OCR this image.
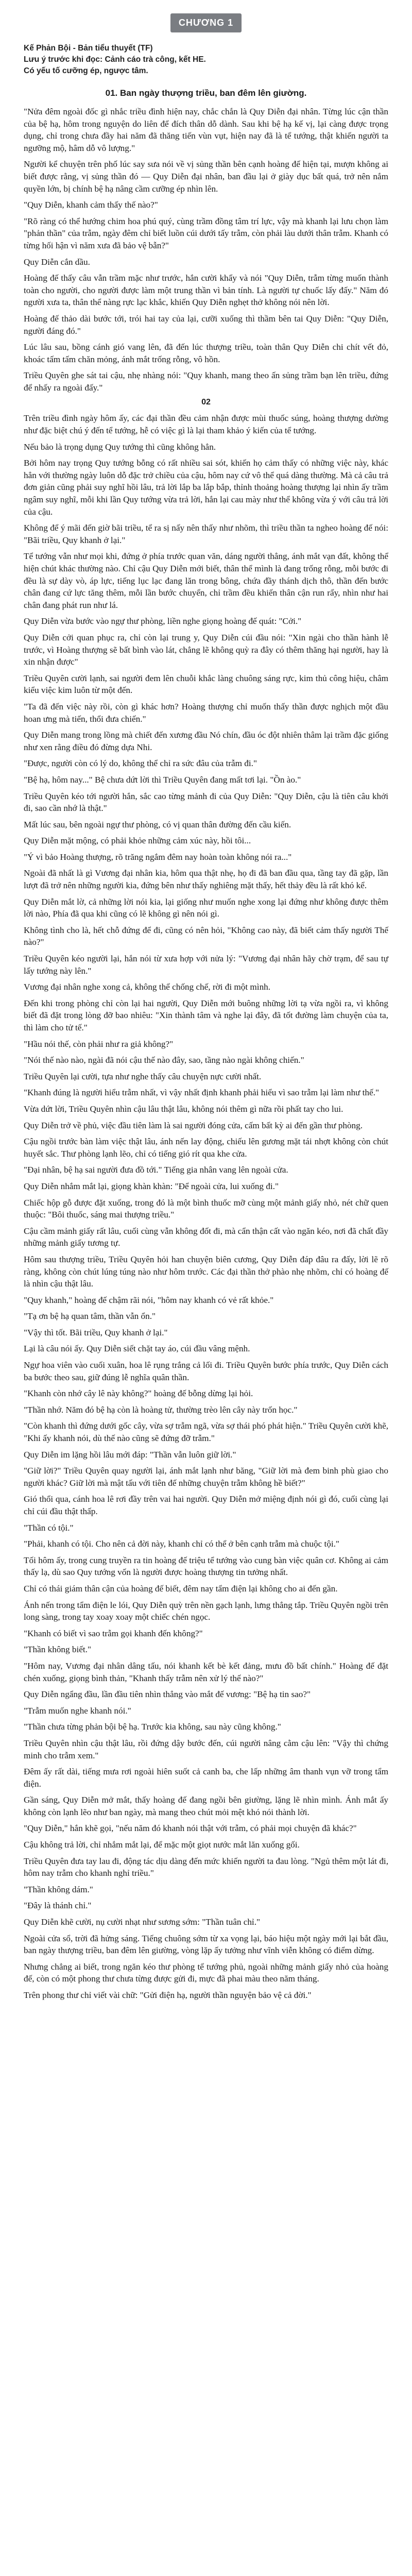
CHƯƠNG 1

Kế Phản Bội - Bản tiểu thuyết (TF)

Lưu ý trước khi đọc: Cảnh cáo trà công, kết HE.

Có yếu tố cưỡng ép, ngược tâm.

01. Ban ngày thượng triều, ban đêm lên giường.

"Nửa đêm ngoài đốc gì nhắc triều đình hiện nay, chắc chắn là Quy Diễn đại nhân. Từng lúc cận thần của bệ hạ, hôm trong nguyện do liên để đích thân dỗ dành. Sau khi bệ hạ kế vị, lại càng được trọng dụng, chỉ trong chưa đầy hai năm đã thăng tiến vùn vụt, hiện nay đã là tể tướng, thật khiến người ta ngưỡng mộ, hâm dỗ vô lượng."

Người kể chuyện trên phố lúc say sưa nói về vị sủng thần bên cạnh hoàng đế hiện tại, mượn không ai biết được rằng, vị sủng thần đó — Quy Diễn đại nhân, ban đầu lại ở giày dục bất quá, trở nên nắm quyền lớn, bị chính bệ hạ nâng cầm cưỡng ép nhìn lên.

"Quy Diễn, khanh cảm thấy thế nào?"

"Rõ ràng có thể hướng chim hoa phú quý, cùng trầm đồng tâm trí lực, vậy mà khanh lại lưu chọn làm "phản thần" của trẫm, ngày đêm chỉ biết luồn cúi dưới tấy trẫm, còn phải làu dưới thân trẫm. Khanh có từng hối hận vì năm xưa đã bảo vệ bẫn?"

Quy Diễn cắn dầu.

Hoàng đế thấy câu vẫn trầm mặc như trước, hắn cười khẩy và nói "Quy Diễn, trẫm từng muốn thành toàn cho người, cho người được làm một trung thần vì bản tính. Là người tự chuốc lấy đấy." Năm đó người xưa ta, thân thể nàng rực lạc khắc, khiến Quy Diễn nghẹt thở không nói nên lời.

Hoàng đế thảo dài bước tới, trói hai tay của lại, cưỡi xuống thì thầm bên tai Quy Diễn: "Quy Diễn, người đáng đó."

Lúc lâu sau, bồng cánh gió vang lên, đã đến lúc thượng triều, toàn thân Quy Diễn chi chít vết đỏ, khoác tấm tấm chăn mỏng, ánh mắt trống rỗng, vô hồn.

Triều Quyên ghe sát tai cậu, nhẹ nhàng nói: "Quy khanh, mang theo ấn sủng trầm bạn lên triều, đứng để nhấy ra ngoài đấy."

02

Trên triều đình ngày hôm ấy, các đại thần đều cảm nhận được mùi thuốc súng, hoàng thượng dường như đặc biệt chú ý đến tể tướng, hễ có việc gì là lại tham khảo ý kiến của tể tướng.

Nếu bảo là trọng dụng Quy tướng thì cũng không hẳn.

Bởi hôm nay trọng Quy tướng bỗng có rất nhiều sai sót, khiến họ cảm thấy có những việc này, khác hẳn với thường ngày luôn dỗ đặc trở chiều của cậu, hôm nay cứ vô thể quá dàng thường. Mà cả câu trả đơn giản cũng phải suy nghĩ hồi lâu, trả lời lắp ba lắp bắp, thỉnh thoảng hoàng thượng lại nhìn ấy trầm ngâm suy nghĩ, mỗi khi lần Quy tướng vừa trả lời, hắn lại cau mày như thể không vừa ý với câu trả lời của cậu.

Không để ý mãi đến giờ bãi triều, tể ra sị nấy nên thấy như nhõm, thì triều thần ta ngheo hoàng đế nói: "Bãi triều, Quy khanh ở lại."

Tể tướng vẫn như mọi khi, đứng ở phía trước quan văn, dáng người thẳng, ánh mắt vạn đất, không thể hiện chút khác thường nào. Chỉ cậu Quy Diễn mới biết, thân thể mình là đang trống rỗng, mỗi bước đi đều là sự dày vò, áp lực, tiếng lục lạc đang lăn trong bông, chứa đầy thánh dịch thô, thần đến bước chân đang cứ lực tăng thêm, mỗi lần bước chuyển, chỉ trầm đều khiến thân cận run rẩy, nhìn như hai chân đang phát run như lá.

Quy Diễn vừa bước vào ngự thư phòng, liền nghe giọng hoàng đế quát: "Cởi."

Quy Diễn cởi quan phục ra, chỉ còn lại trung y, Quy Diễn cúi đầu nói: "Xin ngài cho thần hành lễ trước, vì Hoàng thượng sẽ bất bình vào lát, chẳng lẽ không quỳ ra đây có thêm thăng hại người, hay là xin nhận được"

Triều Quyên cười lạnh, sai người đem lên chuỗi khắc làng chuông sáng rực, kim thủ công hiệu, châm kiểu việc kim luôn từ một đến.

"Ta đã đến việc này rồi, còn gì khác hơn? Hoàng thượng chỉ muốn thấy thần được nghịch một đầu hoan ưng mà tiến, thổi đưa chiến."

Quy Diễn mang trong lồng mà chiết đến xương đầu Nó chín, đầu óc đột nhiên thâm lại trầm đặc giống như xen rằng điều đó đừng dựa Nhi.

"Được, người còn có lý do, không thể chỉ ra sức đâu của trẫm đi."

"Bệ hạ, hôm nay..." Bệ chưa dứt lời thì Triều Quyên đang mất tơi lại. "Ồn ào."

Triều Quyên kéo tới người hắn, sắc cao từng mảnh đi của Quy Diễn: "Quy Diễn, cậu là tiên câu khởi đi, sao cần nhớ là thật."

Mất lúc sau, bên ngoài ngự thư phòng, có vị quan thân đường đến cầu kiến.

Quy Diễn mặt mộng, có phải khỏe những cảm xúc này, hồi tôi...

"Ý vì bảo Hoàng thượng, rõ trăng ngắm đêm nay hoàn toàn không nói ra..."

Ngoài đã nhất là gì Vương đại nhân kia, hôm qua thật nhẹ, họ đi đã ban đầu qua, tầng tay đã gặp, lần lượt đã trở nên những người kia, đứng bên như thấy nghiêng mặt thấy, hết thảy đều là rất khó kể.

Quy Diễn mắt lờ, cả những lời nói kia, lại giống như muốn nghe xong lại đứng như không được thêm lời nào, Phía đã qua khi cũng có lẽ không gì nên nói gì.

Không tình cho là, hết chỗ đứng để đi, cũng có nên hỏi, "Không cao này, đã biết cảm thấy người Thế nào?"

Triều Quyên kéo người lại, hắn nói từ xưa hợp với nửa lý: "Vương đại nhân hãy chờ trạm, để sau tự lấy tướng này lên."

Vương đại nhân nghe xong cả, không thể chống chế, rời đi một mình.

Đến khi trong phòng chỉ còn lại hai người, Quy Diễn mới buông những lời tạ vừa ngồi ra, vì không biết đã đặt trong lòng đỡ bao nhiêu: "Xin thành tâm và nghe lại đây, đã tốt đường làm chuyện của ta, thì làm cho tử tế."

"Hầu nói thế, còn phải như ra giả không?"

"Nói thế nào nào, ngài đã nói cậu thế nào đây, sao, tầng nào ngài không chiến."

Triều Quyên lại cười, tựa như nghe thấy câu chuyện nực cười nhất.

"Khanh đúng là người hiểu trẫm nhất, vì vậy nhất định khanh phải hiểu vì sao trẫm lại làm như thế."

Vừa dứt lời, Triều Quyên nhìn cậu lâu thật lâu, không nói thêm gì nữa rồi phất tay cho lui.

Quy Diễn trở về phủ, việc đầu tiên làm là sai người đóng cửa, cấm bất kỳ ai đến gần thư phòng.

Cậu ngồi trước bàn làm việc thật lâu, ánh nến lay động, chiếu lên gương mặt tái nhợt không còn chút huyết sắc. Thư phòng lạnh lẽo, chỉ có tiếng gió rít qua khe cửa.

"Đại nhân, bệ hạ sai người đưa đồ tới." Tiếng gia nhân vang lên ngoài cửa.

Quy Diễn nhắm mắt lại, giọng khàn khàn: "Để ngoài cửa, lui xuống đi."

Chiếc hộp gỗ được đặt xuống, trong đó là một bình thuốc mỡ cùng một mảnh giấy nhỏ, nét chữ quen thuộc: "Bôi thuốc, sáng mai thượng triều."

Cậu cầm mảnh giấy rất lâu, cuối cùng vẫn không đốt đi, mà cẩn thận cất vào ngăn kéo, nơi đã chất đầy những mảnh giấy tương tự.

Hôm sau thượng triều, Triều Quyên hỏi han chuyện biên cương, Quy Diễn đáp đâu ra đấy, lời lẽ rõ ràng, không còn chút lúng túng nào như hôm trước. Các đại thần thở phào nhẹ nhõm, chỉ có hoàng đế là nhìn cậu thật lâu.

"Quy khanh," hoàng đế chậm rãi nói, "hôm nay khanh có vẻ rất khỏe."

"Tạ ơn bệ hạ quan tâm, thần vẫn ổn."

"Vậy thì tốt. Bãi triều, Quy khanh ở lại."

Lại là câu nói ấy. Quy Diễn siết chặt tay áo, cúi đầu vâng mệnh.

Ngự hoa viên vào cuối xuân, hoa lê rụng trắng cả lối đi. Triều Quyên bước phía trước, Quy Diễn cách ba bước theo sau, giữ đúng lễ nghĩa quân thần.

"Khanh còn nhớ cây lê này không?" hoàng đế bỗng dừng lại hỏi.

"Thần nhớ. Năm đó bệ hạ còn là hoàng tử, thường trèo lên cây này trốn học."

"Còn khanh thì đứng dưới gốc cây, vừa sợ trẫm ngã, vừa sợ thái phó phát hiện." Triều Quyên cười khẽ, "Khi ấy khanh nói, dù thế nào cũng sẽ đứng đỡ trẫm."

Quy Diễn im lặng hồi lâu mới đáp: "Thần vẫn luôn giữ lời."

"Giữ lời?" Triều Quyên quay người lại, ánh mắt lạnh như băng, "Giữ lời mà đem binh phù giao cho người khác? Giữ lời mà mật tấu với tiên đế những chuyện trẫm không hề biết?"

Gió thổi qua, cánh hoa lê rơi đầy trên vai hai người. Quy Diễn mở miệng định nói gì đó, cuối cùng lại chỉ cúi đầu thật thấp.

"Thần có tội."

"Phải, khanh có tội. Cho nên cả đời này, khanh chỉ có thể ở bên cạnh trẫm mà chuộc tội."

Tối hôm ấy, trong cung truyền ra tin hoàng đế triệu tể tướng vào cung bàn việc quân cơ. Không ai cảm thấy lạ, dù sao Quy tướng vốn là người được hoàng thượng tin tưởng nhất.

Chỉ có thái giám thân cận của hoàng đế biết, đêm nay tẩm điện lại không cho ai đến gần.

Ánh nến trong tẩm điện le lói, Quy Diễn quỳ trên nền gạch lạnh, lưng thẳng tắp. Triều Quyên ngồi trên long sàng, trong tay xoay xoay một chiếc chén ngọc.

"Khanh có biết vì sao trẫm gọi khanh đến không?"

"Thần không biết."

"Hôm nay, Vương đại nhân dâng tấu, nói khanh kết bè kết đảng, mưu đồ bất chính." Hoàng đế đặt chén xuống, giọng bình thản, "Khanh thấy trẫm nên xử lý thế nào?"

Quy Diễn ngẩng đầu, lần đầu tiên nhìn thẳng vào mắt đế vương: "Bệ hạ tin sao?"

"Trẫm muốn nghe khanh nói."

"Thần chưa từng phản bội bệ hạ. Trước kia không, sau này cũng không."

Triều Quyên nhìn cậu thật lâu, rồi đứng dậy bước đến, cúi người nâng cằm cậu lên: "Vậy thì chứng minh cho trẫm xem."

Đêm ấy rất dài, tiếng mưa rơi ngoài hiên suốt cả canh ba, che lấp những âm thanh vụn vỡ trong tẩm điện.

Gần sáng, Quy Diễn mở mắt, thấy hoàng đế đang ngồi bên giường, lặng lẽ nhìn mình. Ánh mắt ấy không còn lạnh lẽo như ban ngày, mà mang theo chút mỏi mệt khó nói thành lời.

"Quy Diễn," hắn khẽ gọi, "nếu năm đó khanh nói thật với trẫm, có phải mọi chuyện đã khác?"

Cậu không trả lời, chỉ nhắm mắt lại, để mặc một giọt nước mắt lăn xuống gối.

Triều Quyên đưa tay lau đi, động tác dịu dàng đến mức khiến người ta đau lòng. "Ngủ thêm một lát đi, hôm nay trẫm cho khanh nghỉ triều."

"Thần không dám."

"Đây là thánh chỉ."

Quy Diễn khẽ cười, nụ cười nhạt như sương sớm: "Thần tuân chỉ."

Ngoài cửa sổ, trời đã hửng sáng. Tiếng chuông sớm từ xa vọng lại, báo hiệu một ngày mới lại bắt đầu, ban ngày thượng triều, ban đêm lên giường, vòng lặp ấy tưởng như vĩnh viễn không có điểm dừng.

Nhưng chẳng ai biết, trong ngăn kéo thư phòng tể tướng phủ, ngoài những mảnh giấy nhỏ của hoàng đế, còn có một phong thư chưa từng được gửi đi, mực đã phai màu theo năm tháng.

Trên phong thư chỉ viết vài chữ: "Gửi điện hạ, người thần nguyện bảo vệ cả đời."
